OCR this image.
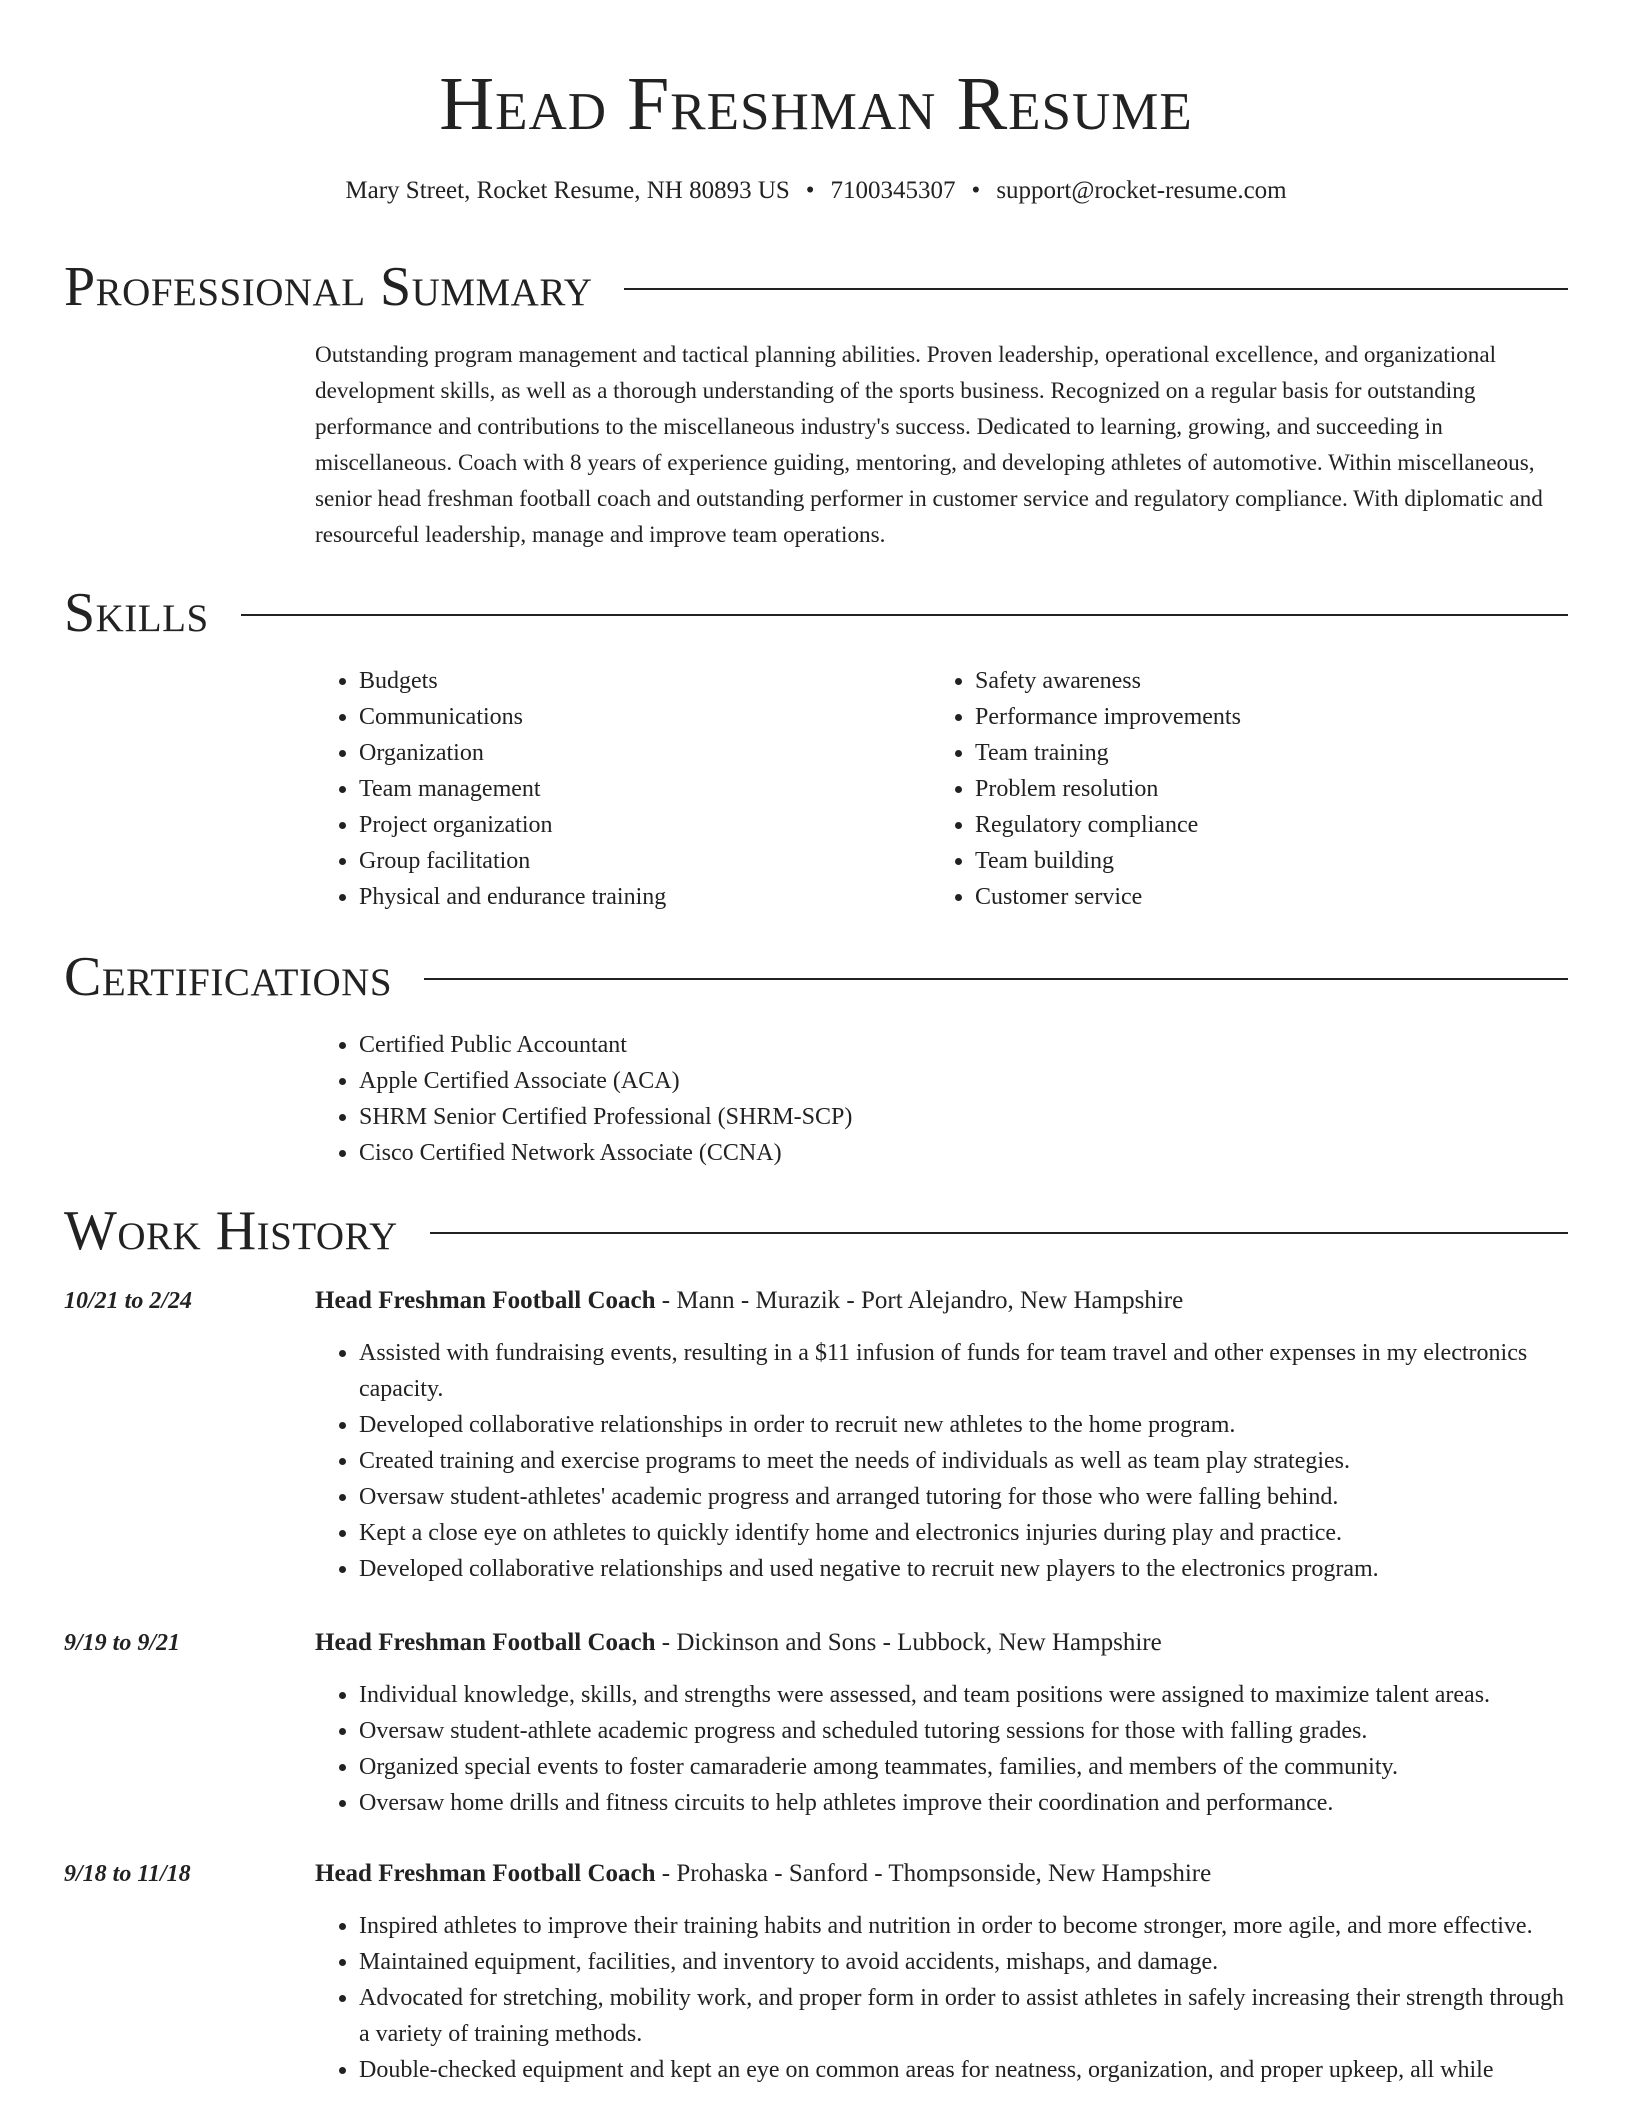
Head Freshman Resume
Mary Street, Rocket Resume, NH 80893 US • 7100345307 • support@rocket-resume.com
Professional Summary
Outstanding program management and tactical planning abilities. Proven leadership, operational excellence, and organizational development skills, as well as a thorough understanding of the sports business. Recognized on a regular basis for outstanding performance and contributions to the miscellaneous industry's success. Dedicated to learning, growing, and succeeding in miscellaneous. Coach with 8 years of experience guiding, mentoring, and developing athletes of automotive. Within miscellaneous, senior head freshman football coach and outstanding performer in customer service and regulatory compliance. With diplomatic and resourceful leadership, manage and improve team operations.
Skills
• Budgets
• Communications
• Organization
• Team management
• Project organization
• Group facilitation
• Physical and endurance training
• Safety awareness
• Performance improvements
• Team training
• Problem resolution
• Regulatory compliance
• Team building
• Customer service
Certifications
• Certified Public Accountant
• Apple Certified Associate (ACA)
• SHRM Senior Certified Professional (SHRM-SCP)
• Cisco Certified Network Associate (CCNA)
Work History
10/21 to 2/24	Head Freshman Football Coach - Mann - Murazik - Port Alejandro, New Hampshire
• Assisted with fundraising events, resulting in a $11 infusion of funds for team travel and other expenses in my electronics capacity.
• Developed collaborative relationships in order to recruit new athletes to the home program.
• Created training and exercise programs to meet the needs of individuals as well as team play strategies.
• Oversaw student-athletes' academic progress and arranged tutoring for those who were falling behind.
• Kept a close eye on athletes to quickly identify home and electronics injuries during play and practice.
• Developed collaborative relationships and used negative to recruit new players to the electronics program.
9/19 to 9/21	Head Freshman Football Coach - Dickinson and Sons - Lubbock, New Hampshire
• Individual knowledge, skills, and strengths were assessed, and team positions were assigned to maximize talent areas.
• Oversaw student-athlete academic progress and scheduled tutoring sessions for those with falling grades.
• Organized special events to foster camaraderie among teammates, families, and members of the community.
• Oversaw home drills and fitness circuits to help athletes improve their coordination and performance.
9/18 to 11/18	Head Freshman Football Coach - Prohaska - Sanford - Thompsonside, New Hampshire
• Inspired athletes to improve their training habits and nutrition in order to become stronger, more agile, and more effective.
• Maintained equipment, facilities, and inventory to avoid accidents, mishaps, and damage.
• Advocated for stretching, mobility work, and proper form in order to assist athletes in safely increasing their strength through a variety of training methods.
• Double-checked equipment and kept an eye on common areas for neatness, organization, and proper upkeep, all while
